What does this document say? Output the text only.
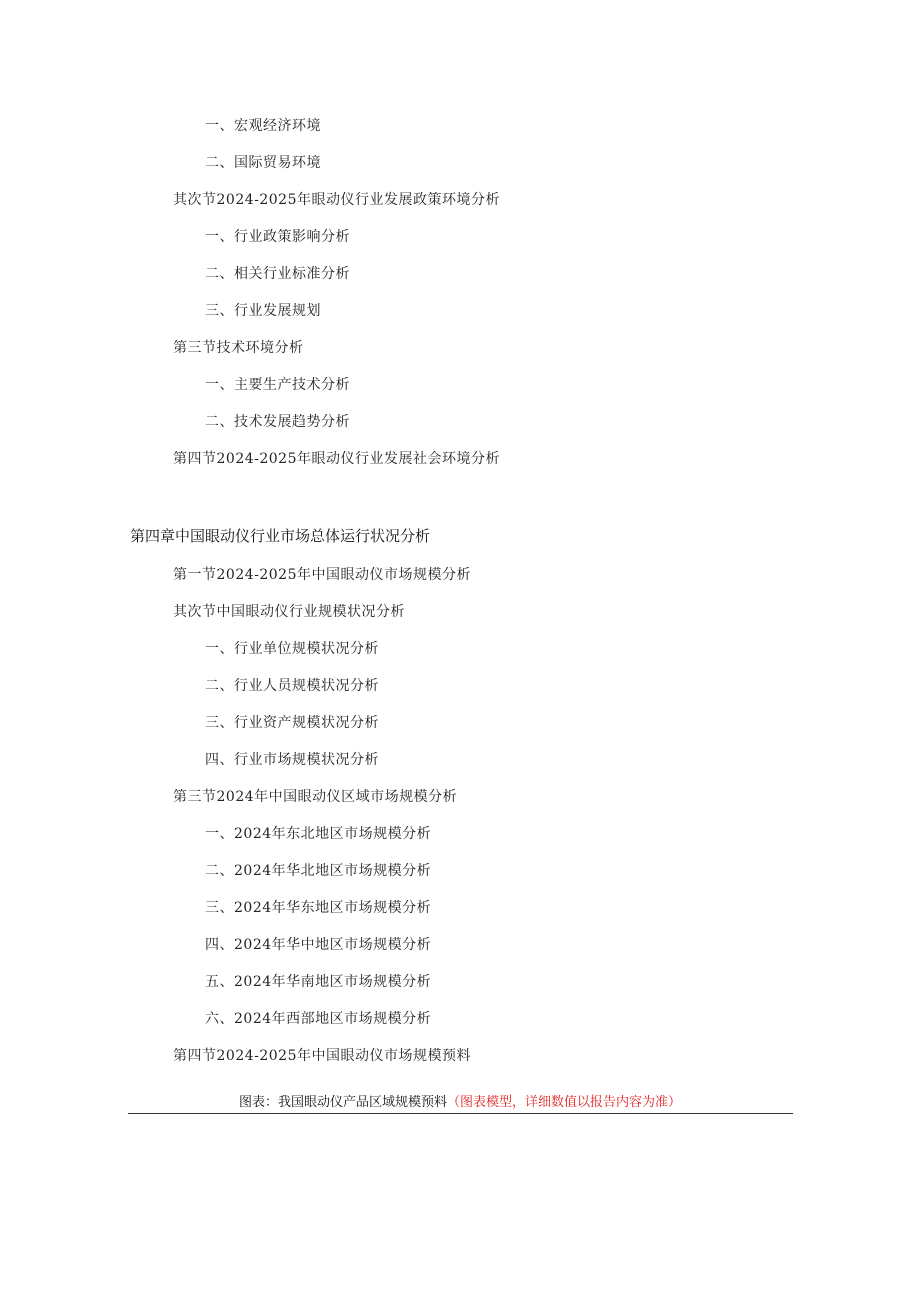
一、宏观经济环境
二、国际贸易环境
其次节2024-2025年眼动仪行业发展政策环境分析
一、行业政策影响分析
二、相关行业标准分析
三、行业发展规划
第三节技术环境分析
一、主要生产技术分析
二、技术发展趋势分析
第四节2024-2025年眼动仪行业发展社会环境分析
第四章中国眼动仪行业市场总体运行状况分析
第一节2024-2025年中国眼动仪市场规模分析
其次节中国眼动仪行业规模状况分析
一、行业单位规模状况分析
二、行业人员规模状况分析
三、行业资产规模状况分析
四、行业市场规模状况分析
第三节2024年中国眼动仪区域市场规模分析
一、2024年东北地区市场规模分析
二、2024年华北地区市场规模分析
三、2024年华东地区市场规模分析
四、2024年华中地区市场规模分析
五、2024年华南地区市场规模分析
六、2024年西部地区市场规模分析
第四节2024-2025年中国眼动仪市场规模预料
图表：我国眼动仪产品区域规模预料（图表模型，详细数值以报告内容为准）
